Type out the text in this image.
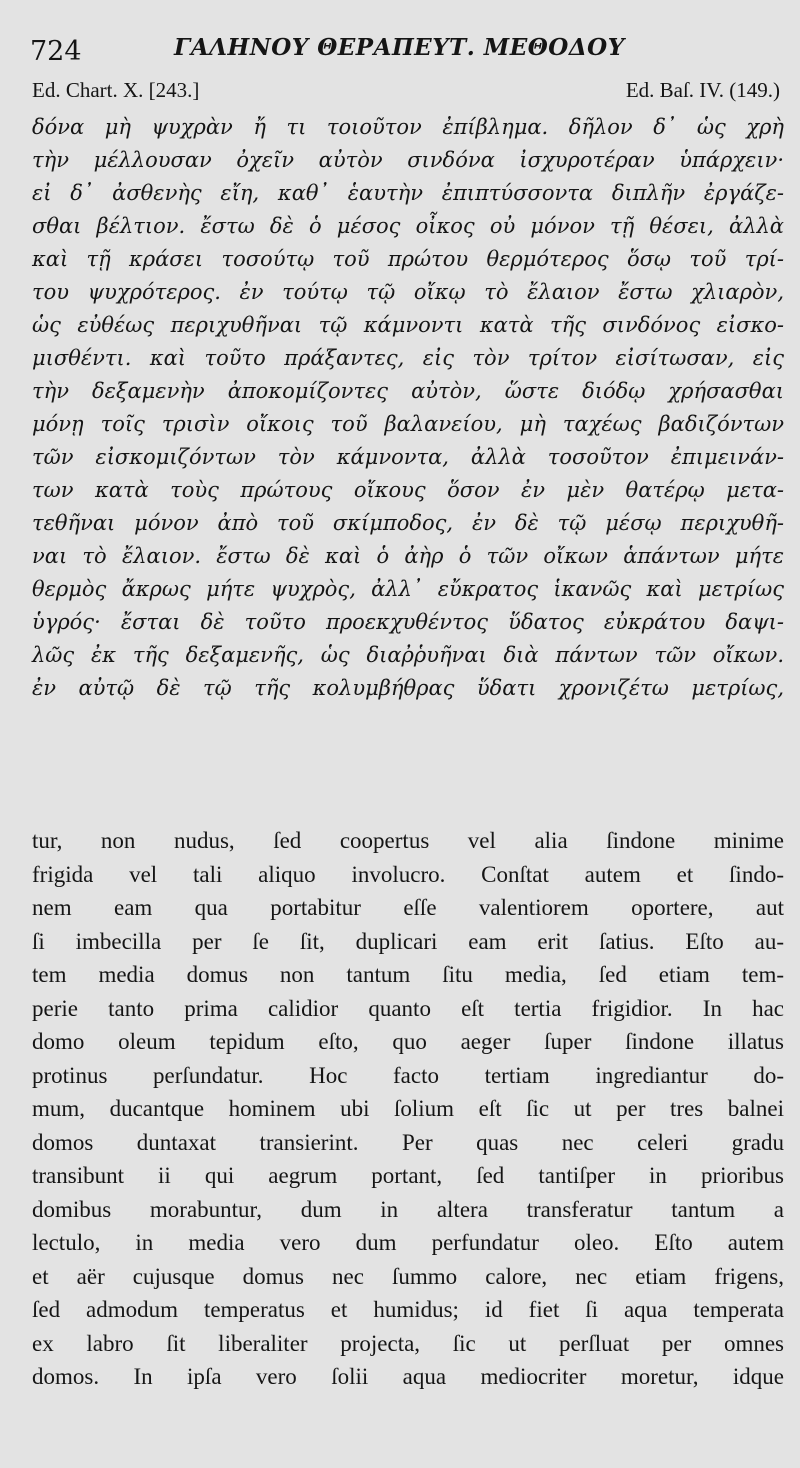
724	ΓΑΛΗΝΟΥ ΘΕΡΑΠΕΥΤ. ΜΕΘΟΔΟΥ
Ed. Chart. X. [243.]	Ed. Baſ. IV. (149.)
δόνα μὴ ψυχρὰν ἤ τι τοιοῦτον ἐπίβλημα. δῆλον δ᾽ ὡς χρὴ
τὴν μέλλουσαν ὀχεῖν αὐτὸν σινδόνα ἰσχυροτέραν ὑπάρχειν·
εἰ δ᾽ ἀσθενὴς εἴη, καθ᾽ ἑαυτὴν ἐπιπτύσσοντα διπλῆν ἐργάζε-
σθαι βέλτιον. ἔστω δὲ ὁ μέσος οἶκος οὐ μόνον τῇ θέσει, ἀλλὰ
καὶ τῇ κράσει τοσούτῳ τοῦ πρώτου θερμότερος ὅσῳ τοῦ τρί-
του ψυχρότερος. ἐν τούτῳ τῷ οἴκῳ τὸ ἔλαιον ἔστω χλιαρὸν,
ὡς εὐθέως περιχυθῆναι τῷ κάμνοντι κατὰ τῆς σινδόνος εἰσκο-
μισθέντι. καὶ τοῦτο πράξαντες, εἰς τὸν τρίτον εἰσίτωσαν, εἰς
τὴν δεξαμενὴν ἀποκομίζοντες αὐτὸν, ὥστε διόδῳ χρήσασθαι
μόνῃ τοῖς τρισὶν οἴκοις τοῦ βαλανείου, μὴ ταχέως βαδιζόντων
τῶν εἰσκομιζόντων τὸν κάμνοντα, ἀλλὰ τοσοῦτον ἐπιμεινάν-
των κατὰ τοὺς πρώτους οἴκους ὅσον ἐν μὲν θατέρῳ μετα-
τεθῆναι μόνον ἀπὸ τοῦ σκίμποδος, ἐν δὲ τῷ μέσῳ περιχυθῆ-
ναι τὸ ἔλαιον. ἔστω δὲ καὶ ὁ ἀὴρ ὁ τῶν οἴκων ἁπάντων μήτε
θερμὸς ἄκρως μήτε ψυχρὸς, ἀλλ᾽ εὔκρατος ἱκανῶς καὶ μετρίως
ὑγρός· ἔσται δὲ τοῦτο προεκχυθέντος ὕδατος εὐκράτου δαψι-
λῶς ἐκ τῆς δεξαμενῆς, ὡς διαῤῥυῆναι διὰ πάντων τῶν οἴκων.
ἐν αὐτῷ δὲ τῷ τῆς κολυμβήθρας ὕδατι χρονιζέτω μετρίως,
tur, non nudus, ſed coopertus vel alia ſindone minime
frigida vel tali aliquo involucro. Conſtat autem et ſindo-
nem eam qua portabitur eſſe valentiorem oportere, aut
ſi imbecilla per ſe ſit, duplicari eam erit ſatius. Eſto au-
tem media domus non tantum ſitu media, ſed etiam tem-
perie tanto prima calidior quanto eſt tertia frigidior. In hac
domo oleum tepidum eſto, quo aeger ſuper ſindone illatus
protinus perſundatur. Hoc facto tertiam ingrediantur do-
mum, ducantque hominem ubi ſolium eſt ſic ut per tres balnei
domos duntaxat transierint. Per quas nec celeri gradu
transibunt ii qui aegrum portant, ſed tantiſper in prioribus
domibus morabuntur, dum in altera transferatur tantum a
lectulo, in media vero dum perfundatur oleo. Eſto autem
et aër cujusque domus nec ſummo calore, nec etiam frigens,
ſed admodum temperatus et humidus; id fiet ſi aqua temperata
ex labro ſit liberaliter projecta, ſic ut perſluat per omnes
domos. In ipſa vero ſolii aqua mediocriter moretur, idque
